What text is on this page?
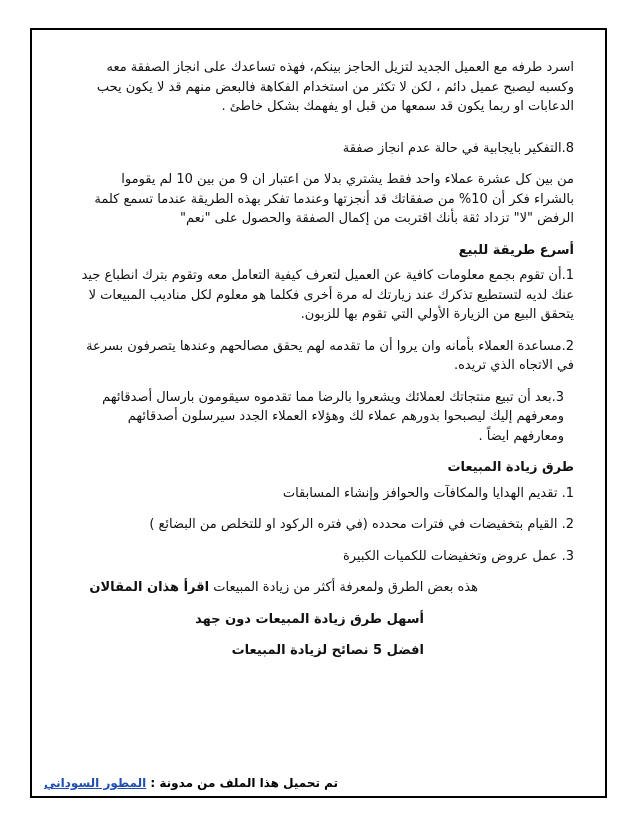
اسرد طرفه مع العميل الجديد لتزيل الحاجز بينكم، فهذه تساعدك على انجاز الصفقة معه

وكسبه ليصبح عميل دائم ، لكن لا تكثر من استخدام الفكاهة فالبعض منهم قد لا يكون يحب

الدعابات او ربما يكون قد سمعها من قبل او يفهمك بشكل خاطئ .

8.التفكير بايجابية في حالة عدم انجاز صفقة

من بين كل عشرة عملاء واحد فقط يشتري بدلا من اعتبار ان 9 من بين 10 لم يقوموا

بالشراء فكر أن 10% من صفقاتك قد أنجزتها وعندما تفكر بهذه الطريقة عندما تسمع كلمة

الرفض "لا" تزداد ثقة بأنك اقتربت من إكمال الصفقة والحصول على "نعم"

أسرع طريقة للبيع

1.أن تقوم بجمع معلومات كافية عن العميل لتعرف كيفية التعامل معه وتقوم بترك انطباع جيد

عنك لديه لتستطيع تذكرك عند زيارتك له مرة أخرى فكلما هو معلوم لكل مناديب المبيعات لا

يتحقق البيع من الزيارة الأولي التي تقوم بها للزبون.

2.مساعدة العملاء بأمانه وان يروا أن ما تقدمه لهم يحقق مصالحهم وعندها يتصرفون بسرعة

في الاتجاه الذي تريده.

3.بعد أن تبيع منتجاتك لعملائك ويشعروا بالرضا مما تقدموه سيقومون بارسال أصدقائهم

ومعرفهم إليك ليصبحوا بدورهم عملاء لك وهؤلاء العملاء الجدد سيرسلون أصدقائهم

ومعارفهم ايضاً .

طرق زيادة المبيعات

1. تقديم الهدايا والمكافآت والحوافز وإنشاء المسابقات

2. القيام بتخفيضات في فترات محدده (في فتره الركود او للتخلص من البضائع )

3. عمل عروض وتخفيضات للكميات الكبيرة

هذه بعض الطرق ولمعرفة أكثر من زيادة المبيعات اقرأ هذان المقالان

أسهل طرق زيادة المبيعات دون جهد

افضل 5 نصائح لزيادة المبيعات

تم تحميل هذا الملف من مدونة : المطور السوداني
